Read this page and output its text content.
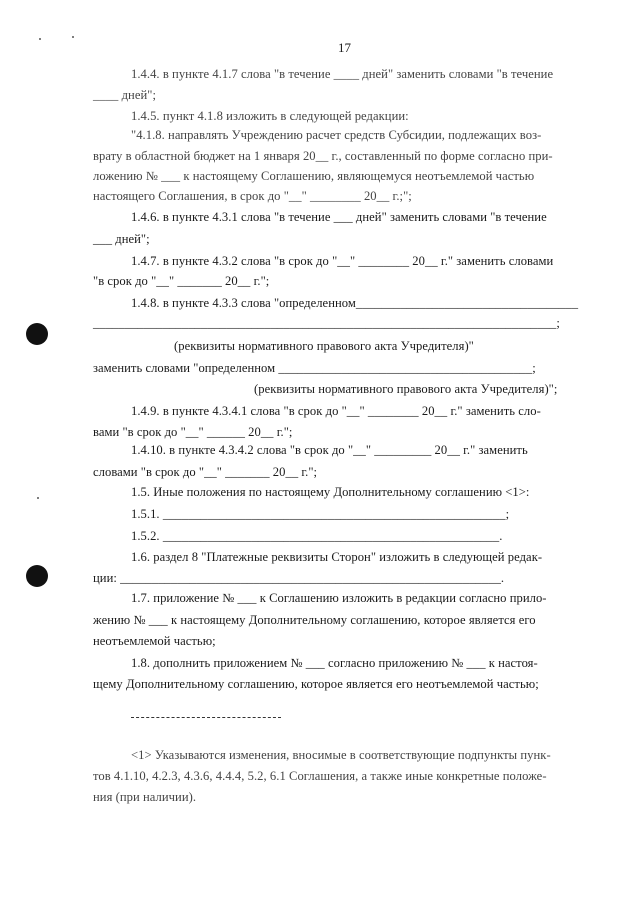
17
1.4.4. в пункте 4.1.7 слова "в течение ____ дней" заменить словами "в течение
____ дней";
1.4.5. пункт 4.1.8 изложить в следующей редакции:
"4.1.8. направлять Учреждению расчет средств Субсидии, подлежащих воз-
врату в областной бюджет на 1 января 20__ г., составленный по форме согласно при-
ложению № ___ к настоящему Соглашению, являющемуся неотъемлемой частью
настоящего Соглашения, в срок до "__" ________ 20__ г.;";
1.4.6. в пункте 4.3.1 слова "в течение ___ дней" заменить словами "в течение
___ дней";
1.4.7. в пункте 4.3.2 слова "в срок до "__" ________ 20__ г." заменить словами
"в срок до "__" _______ 20__ г.";
1.4.8. в пункте 4.3.3 слова "определенном___________________________________
_________________________________________________________________________;
(реквизиты нормативного правового акта Учредителя)"
заменить словами "определенном ________________________________________;
(реквизиты нормативного правового акта Учредителя)";
1.4.9. в пункте 4.3.4.1 слова "в срок до "__" ________ 20__ г." заменить сло-
вами "в срок до "__" ______ 20__ г.";
1.4.10. в пункте 4.3.4.2 слова "в срок до "__" _________ 20__ г." заменить
словами "в срок до "__" _______ 20__ г.";
1.5. Иные положения по настоящему Дополнительному соглашению <1>:
1.5.1. ______________________________________________________;
1.5.2. _____________________________________________________.
1.6. раздел 8 "Платежные реквизиты Сторон" изложить в следующей редак-
ции: ____________________________________________________________.
1.7. приложение № ___ к Соглашению изложить в редакции согласно прило-
жению № ___ к настоящему Дополнительному соглашению, которое является его
неотъемлемой частью;
1.8. дополнить приложением № ___ согласно приложению № ___ к настоя-
щему Дополнительному соглашению, которое является его неотъемлемой частью;
<1> Указываются изменения, вносимые в соответствующие подпункты пунк-
тов 4.1.10, 4.2.3, 4.3.6, 4.4.4, 5.2, 6.1 Соглашения, а также иные конкретные положе-
ния (при наличии).
